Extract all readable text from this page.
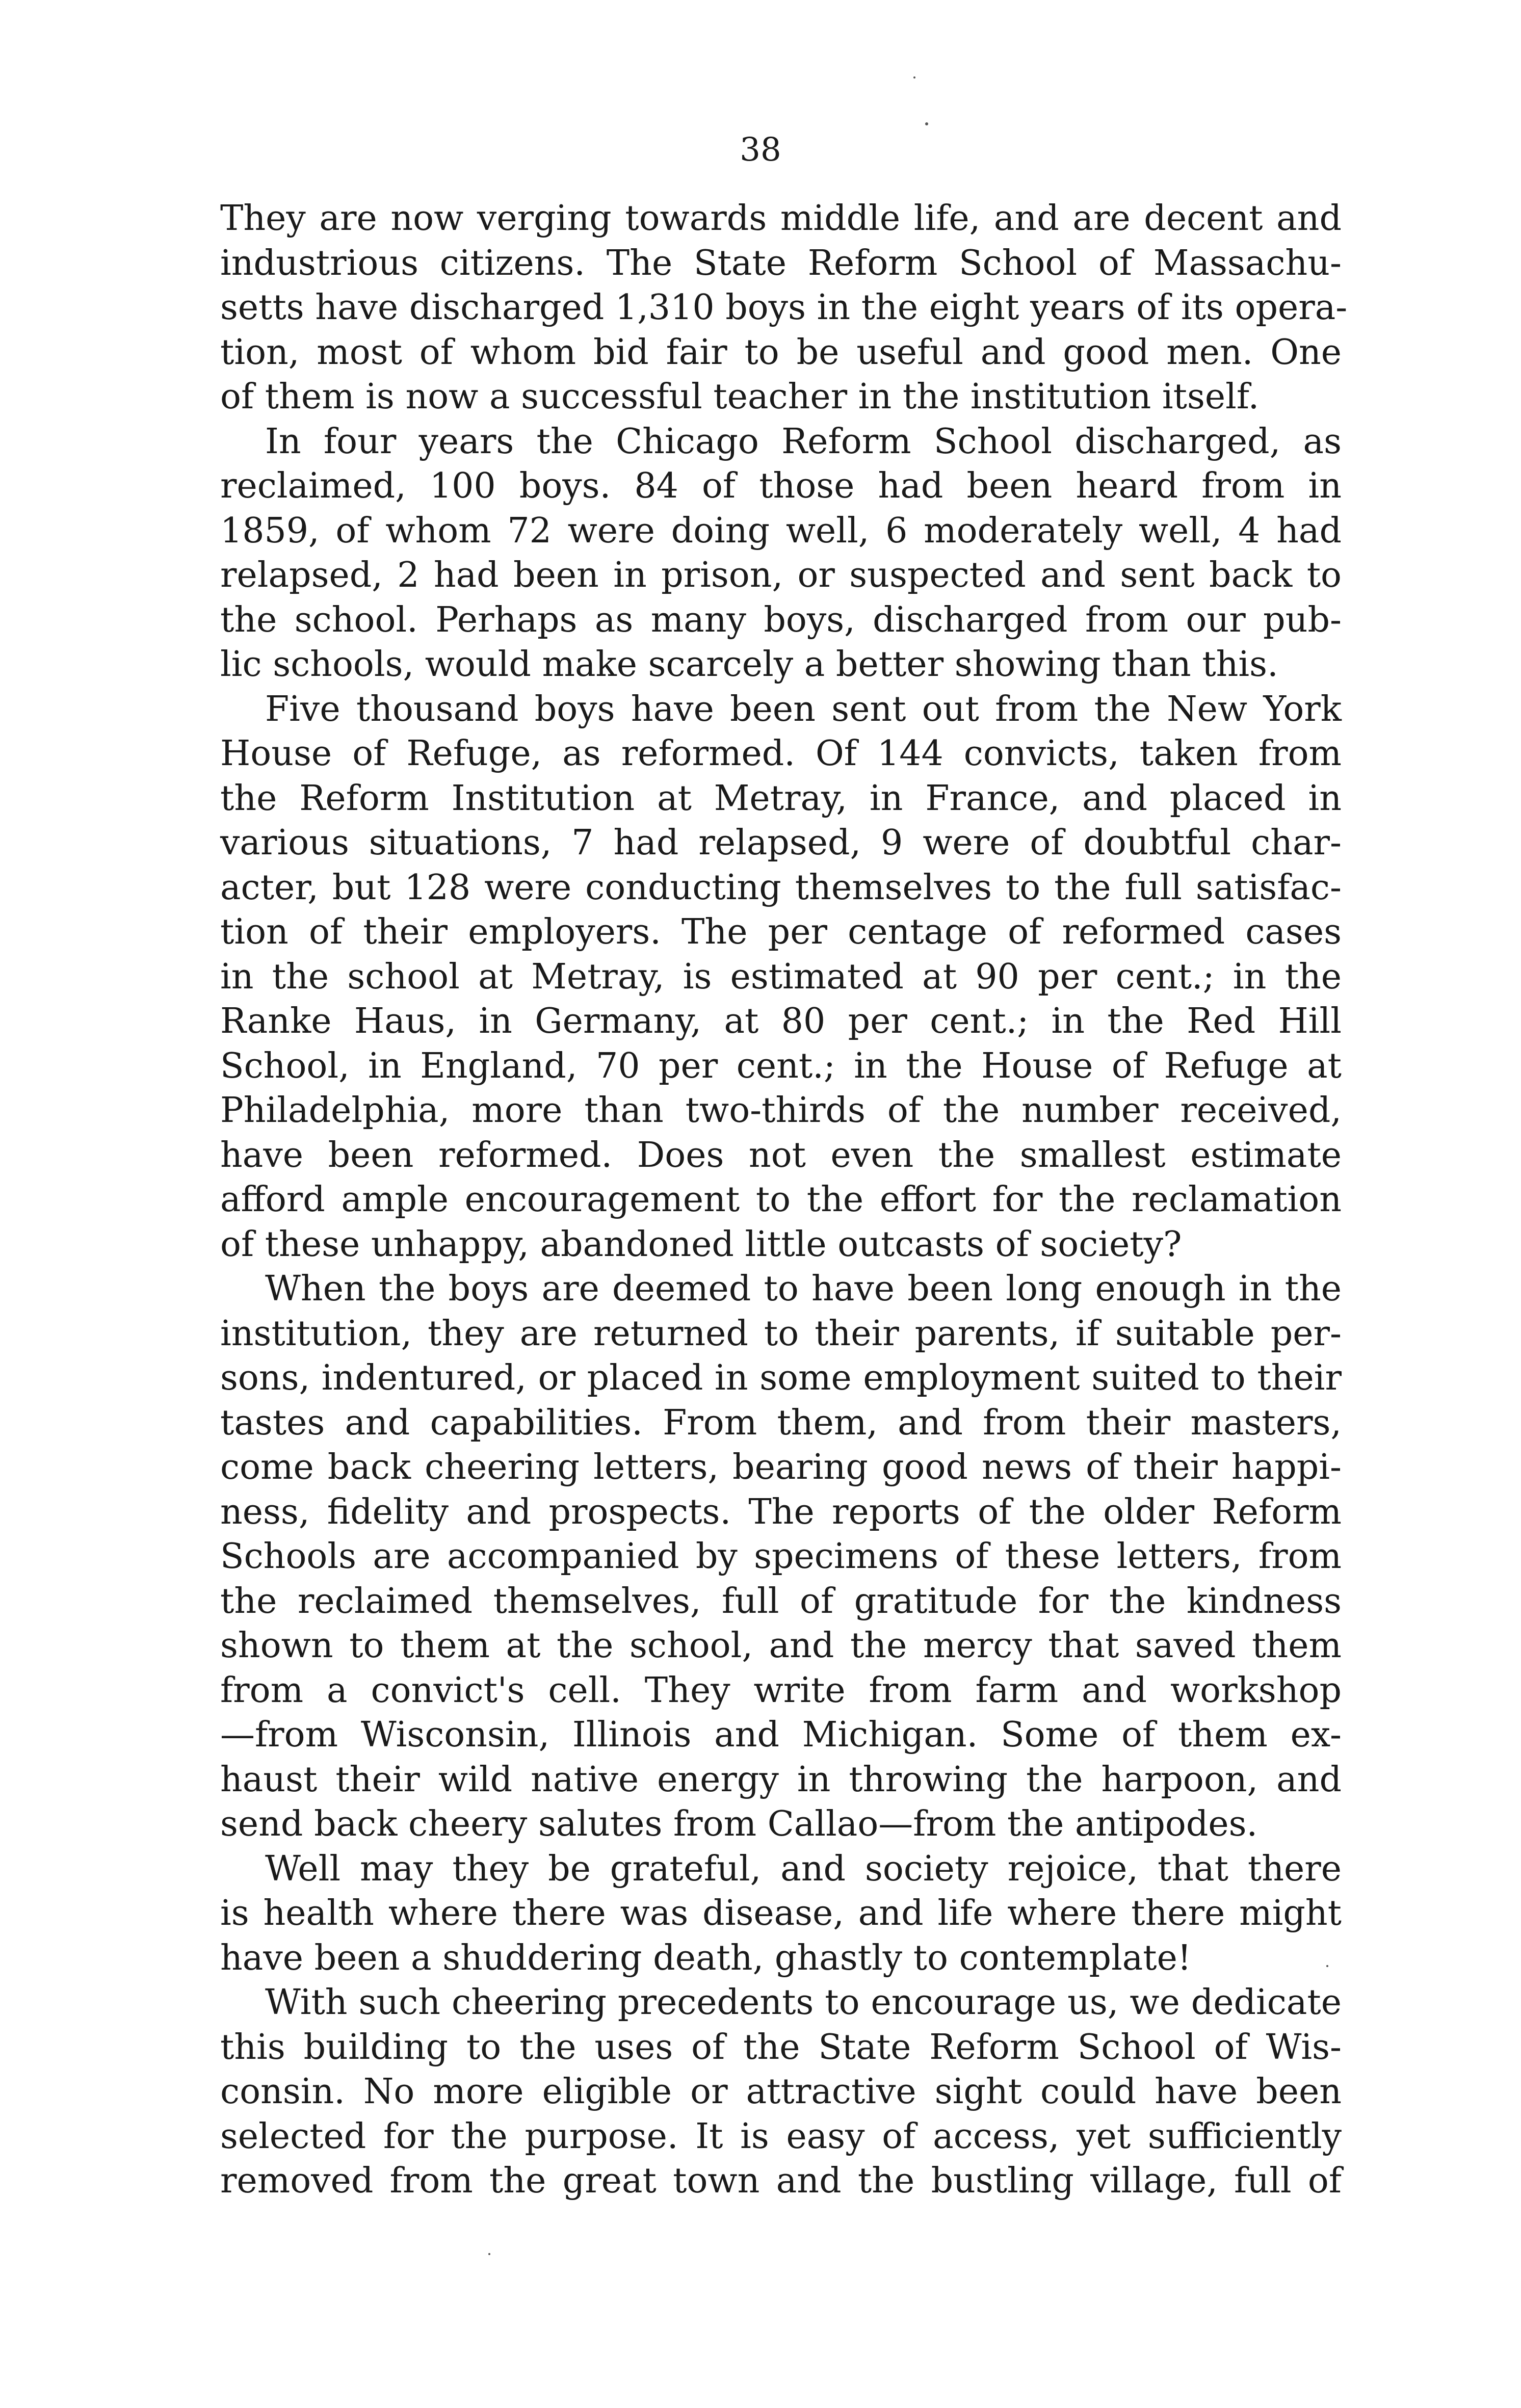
38
They are now verging towards middle life, and are decent and
industrious citizens. The State Reform School of Massachu-
setts have discharged 1,310 boys in the eight years of its opera-
tion, most of whom bid fair to be useful and good men. One
of them is now a successful teacher in the institution itself.
In four years the Chicago Reform School discharged, as
reclaimed, 100 boys. 84 of those had been heard from in
1859, of whom 72 were doing well, 6 moderately well, 4 had
relapsed, 2 had been in prison, or suspected and sent back to
the school. Perhaps as many boys, discharged from our pub-
lic schools, would make scarcely a better showing than this.
Five thousand boys have been sent out from the New York
House of Refuge, as reformed. Of 144 convicts, taken from
the Reform Institution at Metray, in France, and placed in
various situations, 7 had relapsed, 9 were of doubtful char-
acter, but 128 were conducting themselves to the full satisfac-
tion of their employers. The per centage of reformed cases
in the school at Metray, is estimated at 90 per cent.; in the
Ranke Haus, in Germany, at 80 per cent.; in the Red Hill
School, in England, 70 per cent.; in the House of Refuge at
Philadelphia, more than two-thirds of the number received,
have been reformed. Does not even the smallest estimate
afford ample encouragement to the effort for the reclamation
of these unhappy, abandoned little outcasts of society?
When the boys are deemed to have been long enough in the
institution, they are returned to their parents, if suitable per-
sons, indentured, or placed in some employment suited to their
tastes and capabilities. From them, and from their masters,
come back cheering letters, bearing good news of their happi-
ness, fidelity and prospects. The reports of the older Reform
Schools are accompanied by specimens of these letters, from
the reclaimed themselves, full of gratitude for the kindness
shown to them at the school, and the mercy that saved them
from a convict's cell. They write from farm and workshop
—from Wisconsin, Illinois and Michigan. Some of them ex-
haust their wild native energy in throwing the harpoon, and
send back cheery salutes from Callao—from the antipodes.
Well may they be grateful, and society rejoice, that there
is health where there was disease, and life where there might
have been a shuddering death, ghastly to contemplate!
With such cheering precedents to encourage us, we dedicate
this building to the uses of the State Reform School of Wis-
consin. No more eligible or attractive sight could have been
selected for the purpose. It is easy of access, yet sufficiently
removed from the great town and the bustling village, full of
